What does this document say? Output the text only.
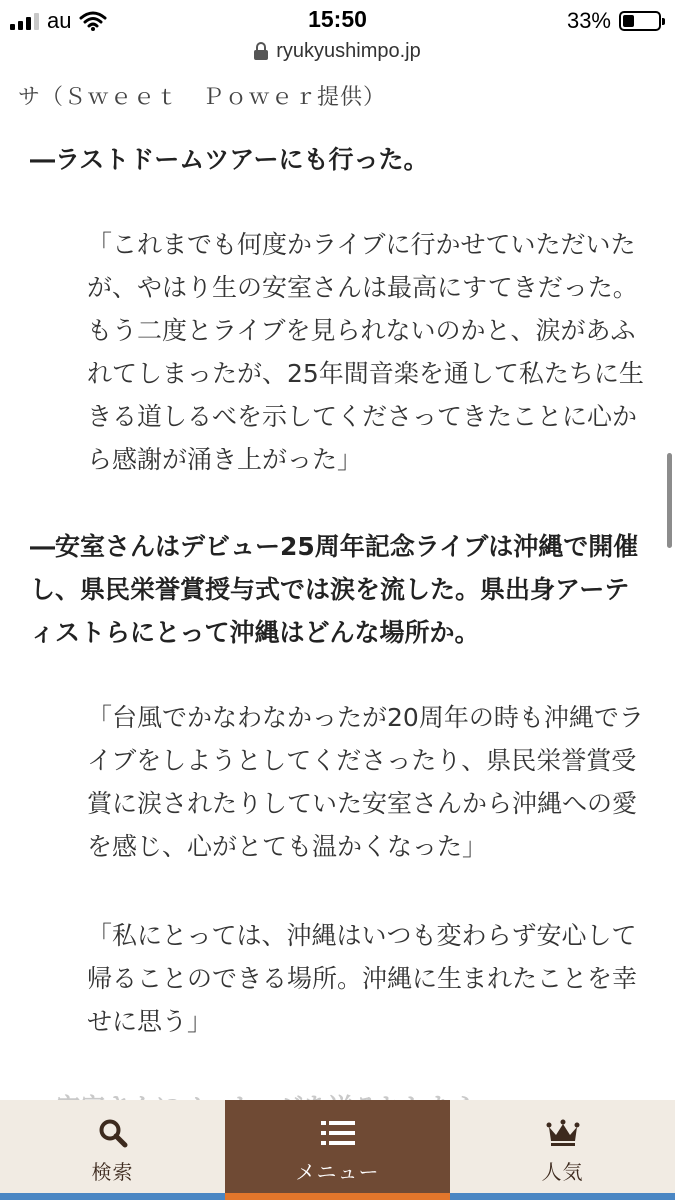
au	15:50	33%
ryukyushimpo.jp
サ（Ｓｗｅｅｔ　Ｐｏｗｅｒ提供）

―ラストドームツアーにも行った。

「これまでも何度かライブに行かせていただいたが、やはり生の安室さんは最高にすてきだった。もう二度とライブを見られないのかと、涙があふれてしまったが、25年間音楽を通して私たちに生きる道しるべを示してくださってきたことに心から感謝が涌き上がった」

―安室さんはデビュー25周年記念ライブは沖縄で開催し、県民栄誉賞授与式では涙を流した。県出身アーティストらにとって沖縄はどんな場所か。

「台風でかなわなかったが20周年の時も沖縄でライブをしようとしてくださったり、県民栄誉賞受賞に涙されたりしていた安室さんから沖縄への愛を感じ、心がとても温かくなった」

「私にとっては、沖縄はいつも変わらず安心して帰ることのできる場所。沖縄に生まれたことを幸せに思う」

検索	メニュー	人気
